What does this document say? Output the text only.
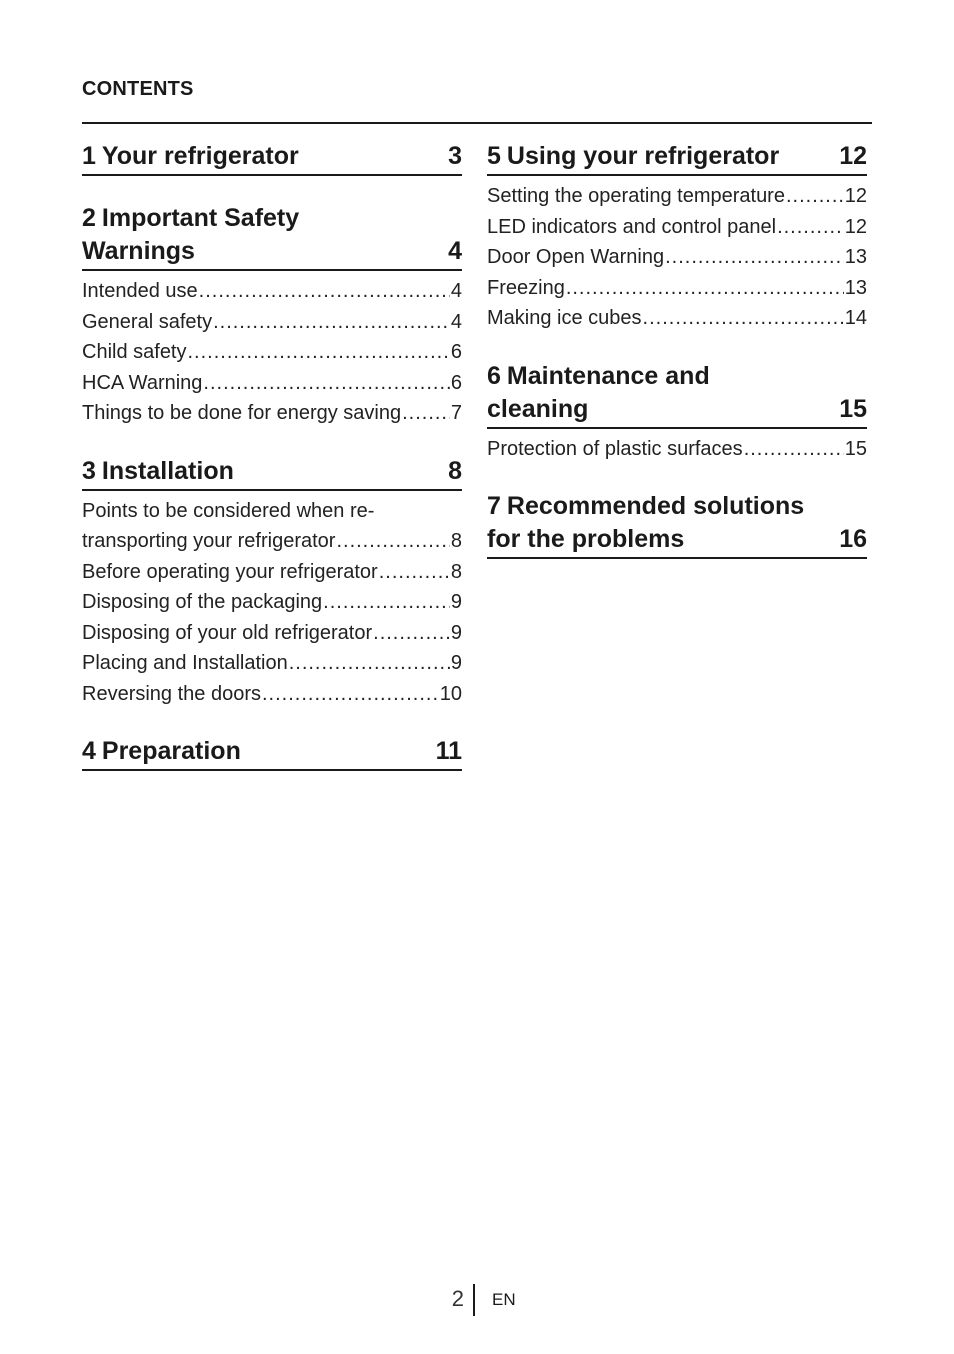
CONTENTS
1 Your refrigerator	3
2 Important Safety
Warnings	4
Intended use .....	4
General safety .....	4
Child safety .....	6
HCA Warning .....	6
Things to be done for energy saving ..... 7
3 Installation	8
Points to be considered when re-
transporting your refrigerator .....	8
Before operating your refrigerator .....	8
Disposing of the packaging .....	9
Disposing of your old refrigerator .....	9
Placing and Installation .....	9
Reversing the doors .....	10
4 Preparation	11
5 Using your refrigerator 12
Setting the operating temperature .....	12
LED indicators and control panel .....	12
Door Open Warning .....	13
Freezing .....	13
Making ice cubes .....	14
6 Maintenance and
cleaning	15
Protection of plastic surfaces .....	15
7 Recommended solutions
for the problems	16
2 EN
